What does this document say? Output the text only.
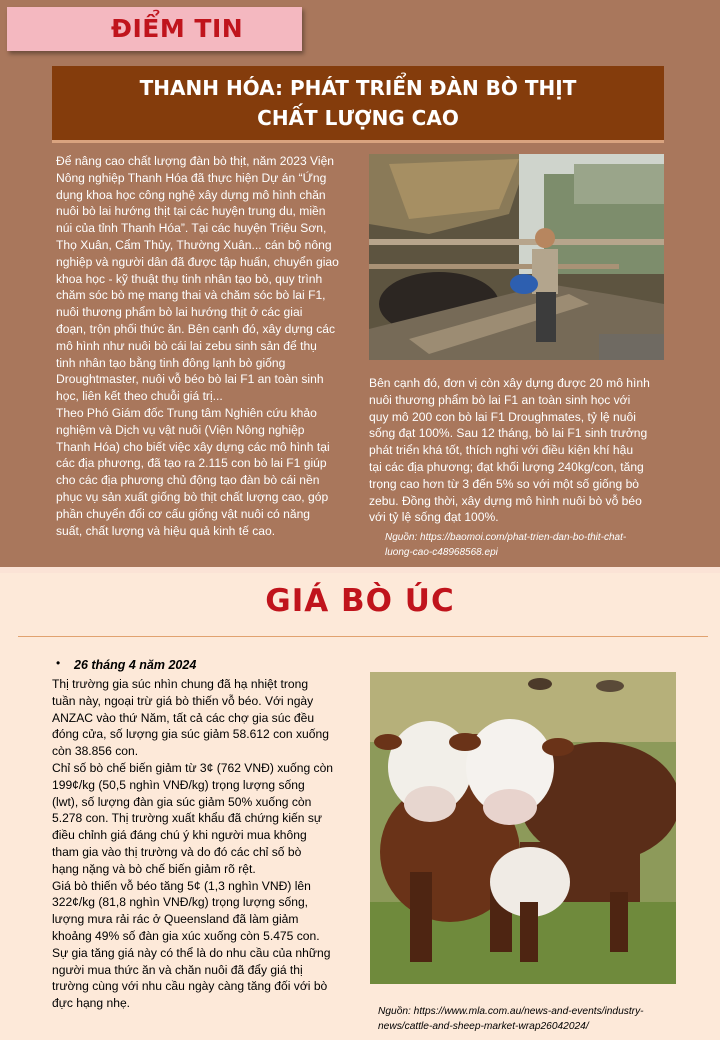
ĐIỂM TIN
THANH HÓA: PHÁT TRIỂN ĐÀN BÒ THỊT
CHẤT LƯỢNG CAO
Để nâng cao chất lượng đàn bò thịt, năm 2023 Viện
Nông nghiệp Thanh Hóa đã thực hiện Dự án “Ứng
dụng khoa học công nghệ xây dựng mô hình chăn
nuôi bò lai hướng thịt tại các huyện trung du, miền
núi của tỉnh Thanh Hóa”. Tại các huyện Triệu Sơn,
Thọ Xuân, Cẩm Thủy, Thường Xuân... cán bộ nông
nghiệp và người dân đã được tập huấn, chuyển giao
khoa học - kỹ thuật thụ tinh nhân tạo bò, quy trình
chăm sóc bò mẹ mang thai và chăm sóc bò lai F1,
nuôi thương phẩm bò lai hướng thịt ở các giai
đoạn, trộn phối thức ăn. Bên cạnh đó, xây dựng các
mô hình như nuôi bò cái lai zebu sinh sản để thụ
tinh nhân tạo bằng tinh đông lạnh bò giống
Droughtmaster, nuôi vỗ béo bò lai F1 an toàn sinh
học, liên kết theo chuỗi giá trị...
Theo Phó Giám đốc Trung tâm Nghiên cứu khảo
nghiệm và Dịch vụ vật nuôi (Viện Nông nghiệp
Thanh Hóa) cho biết việc xây dựng các mô hình tại
các địa phương, đã tạo ra 2.115 con bò lai F1 giúp
cho các địa phương chủ động tạo đàn bò cái nền
phục vụ sản xuất giống bò thịt chất lượng cao, góp
phần chuyển đổi cơ cấu giống vật nuôi có năng
suất, chất lượng và hiệu quả kinh tế cao.
Bên cạnh đó, đơn vị còn xây dựng được 20 mô hình
nuôi thương phẩm bò lai F1 an toàn sinh học với
quy mô 200 con bò lai F1 Droughmates, tỷ lệ nuôi
sống đạt 100%. Sau 12 tháng, bò lai F1 sinh trưởng
phát triển khá tốt, thích nghi với điều kiện khí hậu
tại các địa phương; đạt khối lượng 240kg/con, tăng
trọng cao hơn từ 3 đến 5% so với một số giống bò
zebu. Đồng thời, xây dựng mô hình nuôi bò vỗ béo
với tỷ lệ sống đạt 100%.
Nguồn: https://baomoi.com/phat-trien-dan-bo-thit-chat-
luong-cao-c48968568.epi
GIÁ BÒ ÚC
• 26 tháng 4 năm 2024
Thị trường gia súc nhìn chung đã hạ nhiệt trong
tuần này, ngoại trừ giá bò thiến vỗ béo. Với ngày
ANZAC vào thứ Năm, tất cả các chợ gia súc đều
đóng cửa, số lượng gia súc giảm 58.612 con xuống
còn 38.856 con.
Chỉ số bò chế biến giảm từ 3¢ (762 VNĐ) xuống còn
199¢/kg (50,5 nghìn VNĐ/kg) trọng lượng sống
(lwt), số lượng đàn gia súc giảm 50% xuống còn
5.278 con. Thị trường xuất khẩu đã chứng kiến sự
điều chỉnh giá đáng chú ý khi người mua không
tham gia vào thị trường và do đó các chỉ số bò
hạng nặng và bò chế biến giảm rõ rệt.
Giá bò thiến vỗ béo tăng 5¢ (1,3 nghìn VNĐ) lên
322¢/kg (81,8 nghìn VNĐ/kg) trọng lượng sống,
lượng mưa rải rác ở Queensland đã làm giảm
khoảng 49% số đàn gia xúc xuống còn 5.475 con.
Sự gia tăng giá này có thể là do nhu cầu của những
người mua thức ăn và chăn nuôi đã đẩy giá thị
trường cùng với nhu cầu ngày càng tăng đối với bò
đực hạng nhẹ.
Nguồn: https://www.mla.com.au/news-and-events/industry-
news/cattle-and-sheep-market-wrap26042024/
